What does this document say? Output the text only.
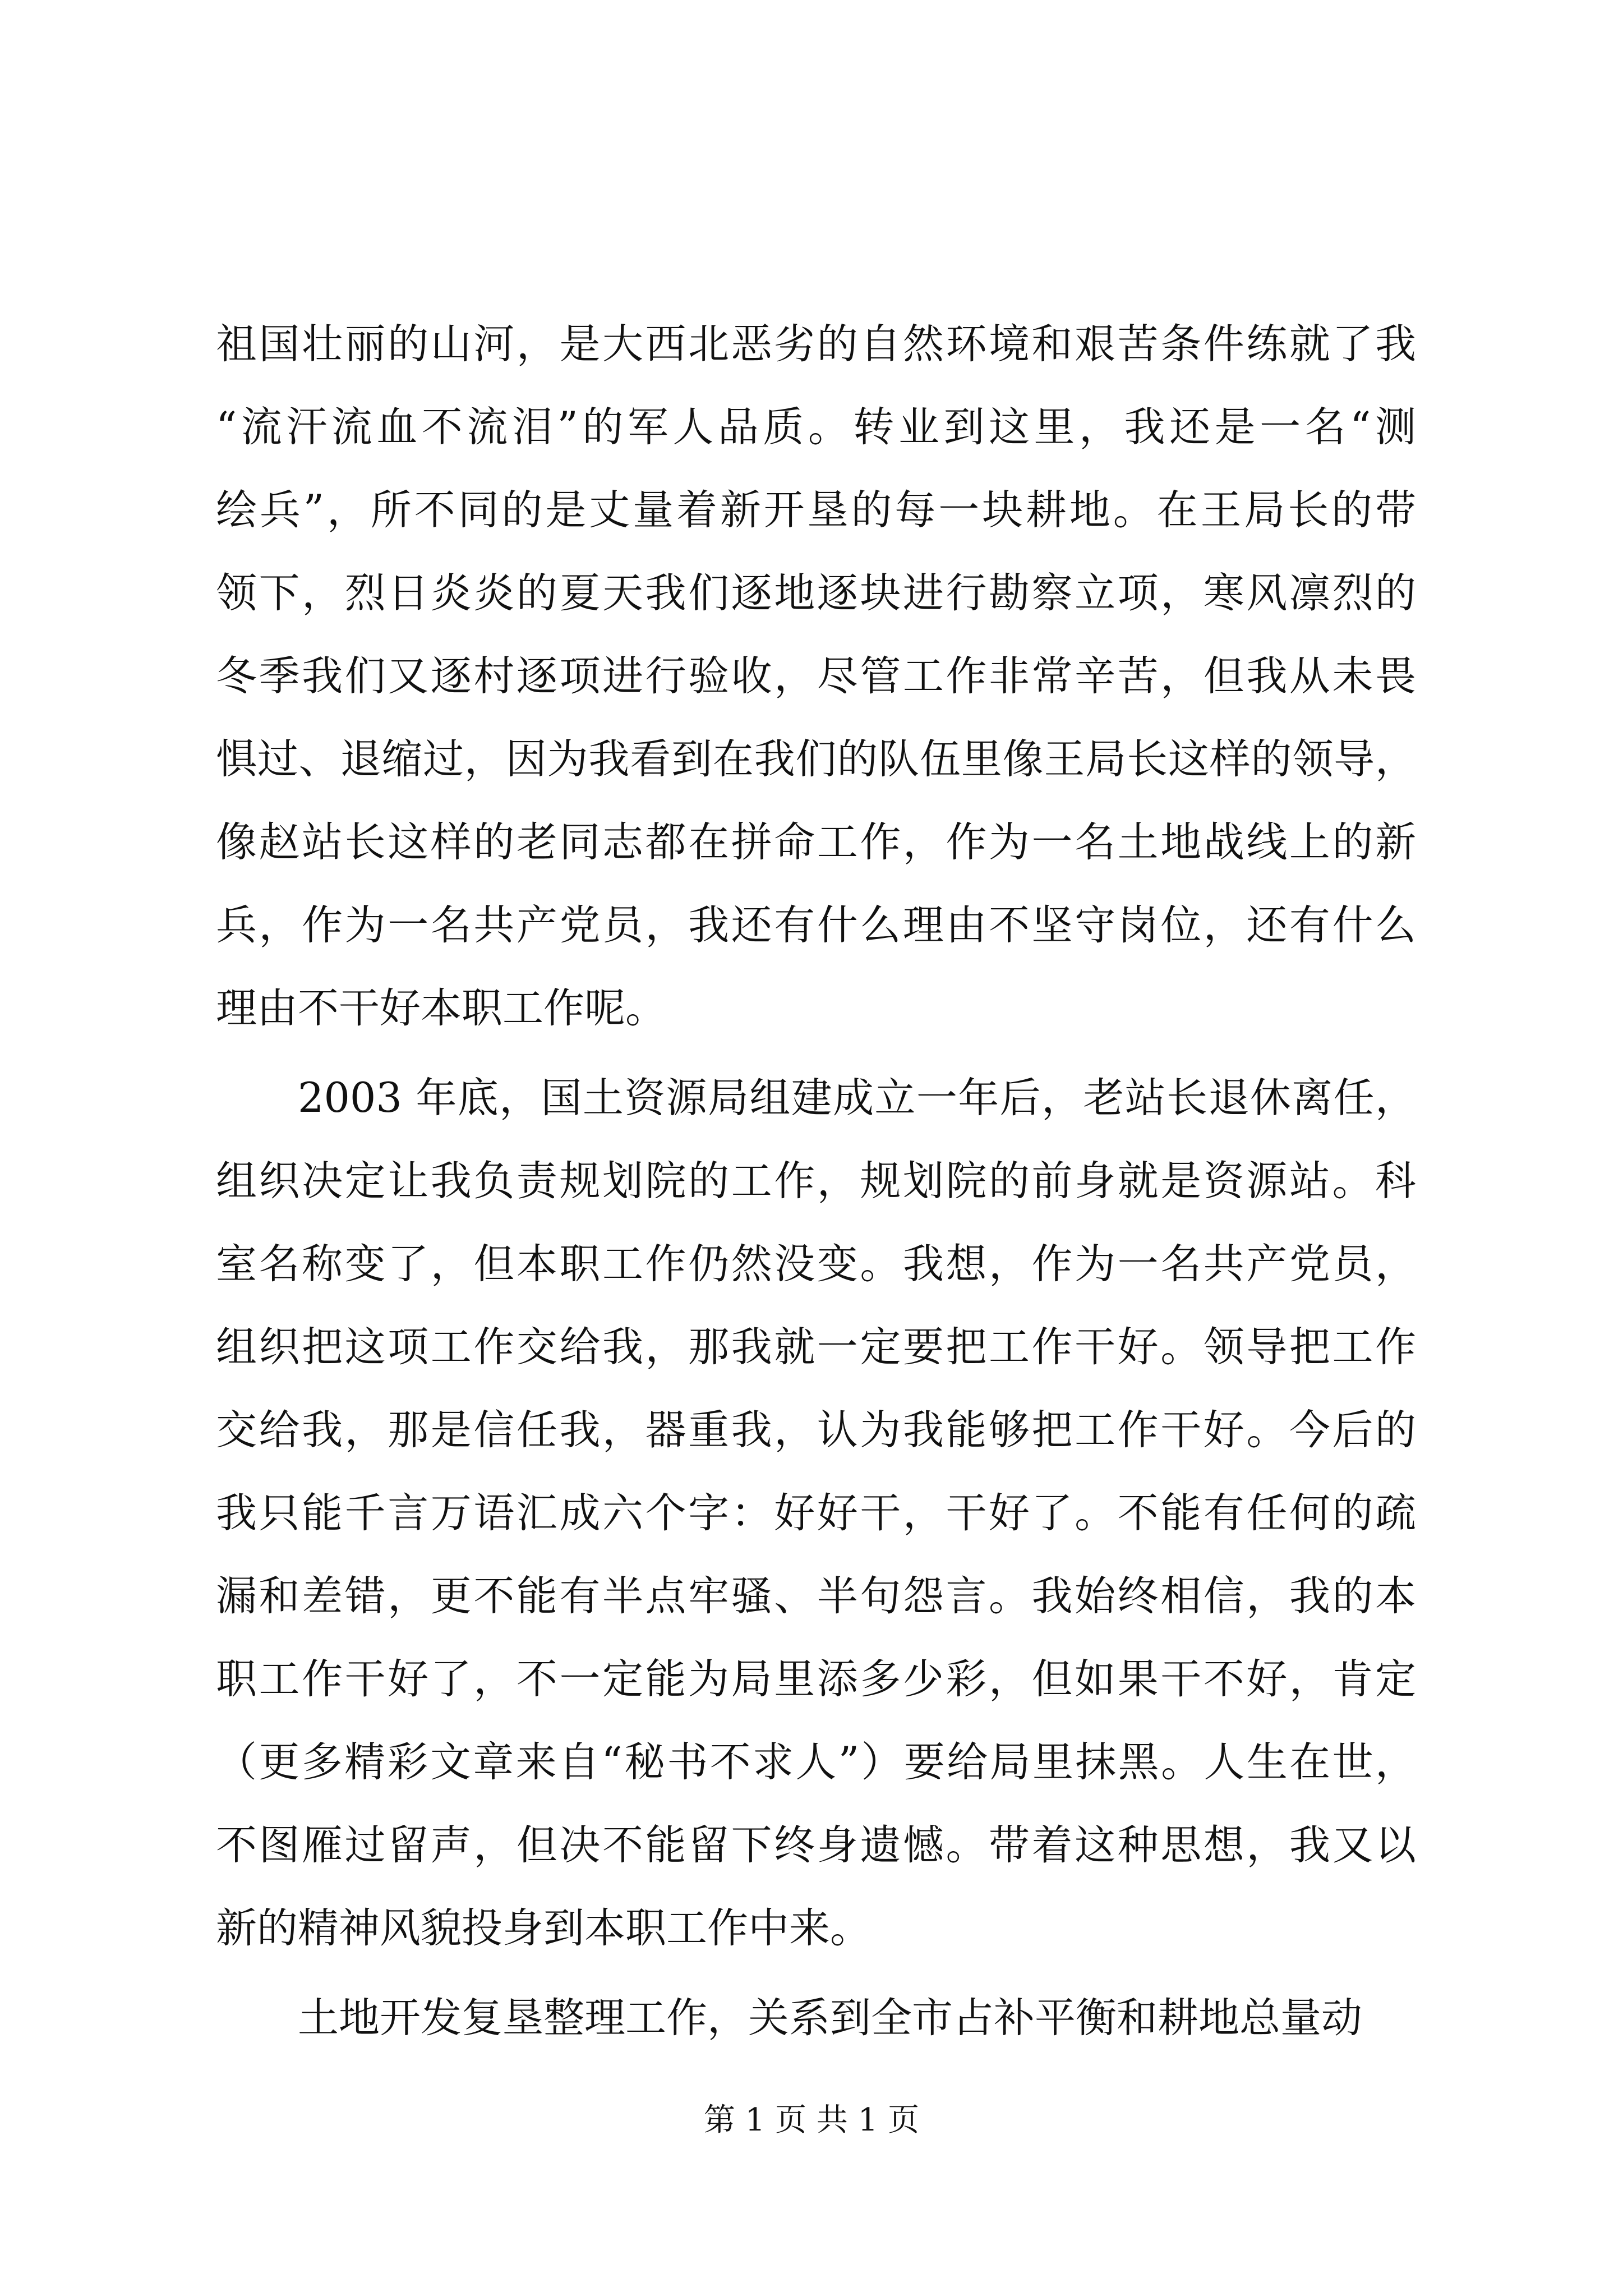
祖国壮丽的山河，是大西北恶劣的自然环境和艰苦条件练就了我
“流汗流血不流泪”的军人品质。转业到这里，我还是一名“测
绘兵”，所不同的是丈量着新开垦的每一块耕地。在王局长的带
领下，烈日炎炎的夏天我们逐地逐块进行勘察立项，寒风凛烈的
冬季我们又逐村逐项进行验收，尽管工作非常辛苦，但我从未畏
惧过、退缩过，因为我看到在我们的队伍里像王局长这样的领导，
像赵站长这样的老同志都在拼命工作，作为一名土地战线上的新
兵，作为一名共产党员，我还有什么理由不坚守岗位，还有什么
理由不干好本职工作呢。
2003 年底，国土资源局组建成立一年后，老站长退休离任，
组织决定让我负责规划院的工作，规划院的前身就是资源站。科
室名称变了，但本职工作仍然没变。我想，作为一名共产党员，
组织把这项工作交给我，那我就一定要把工作干好。领导把工作
交给我，那是信任我，器重我，认为我能够把工作干好。今后的
我只能千言万语汇成六个字：好好干，干好了。不能有任何的疏
漏和差错，更不能有半点牢骚、半句怨言。我始终相信，我的本
职工作干好了，不一定能为局里添多少彩，但如果干不好，肯定
（更多精彩文章来自“秘书不求人”）要给局里抹黑。人生在世，
不图雁过留声，但决不能留下终身遗憾。带着这种思想，我又以
新的精神风貌投身到本职工作中来。
土地开发复垦整理工作，关系到全市占补平衡和耕地总量动
第 1 页 共 1 页
